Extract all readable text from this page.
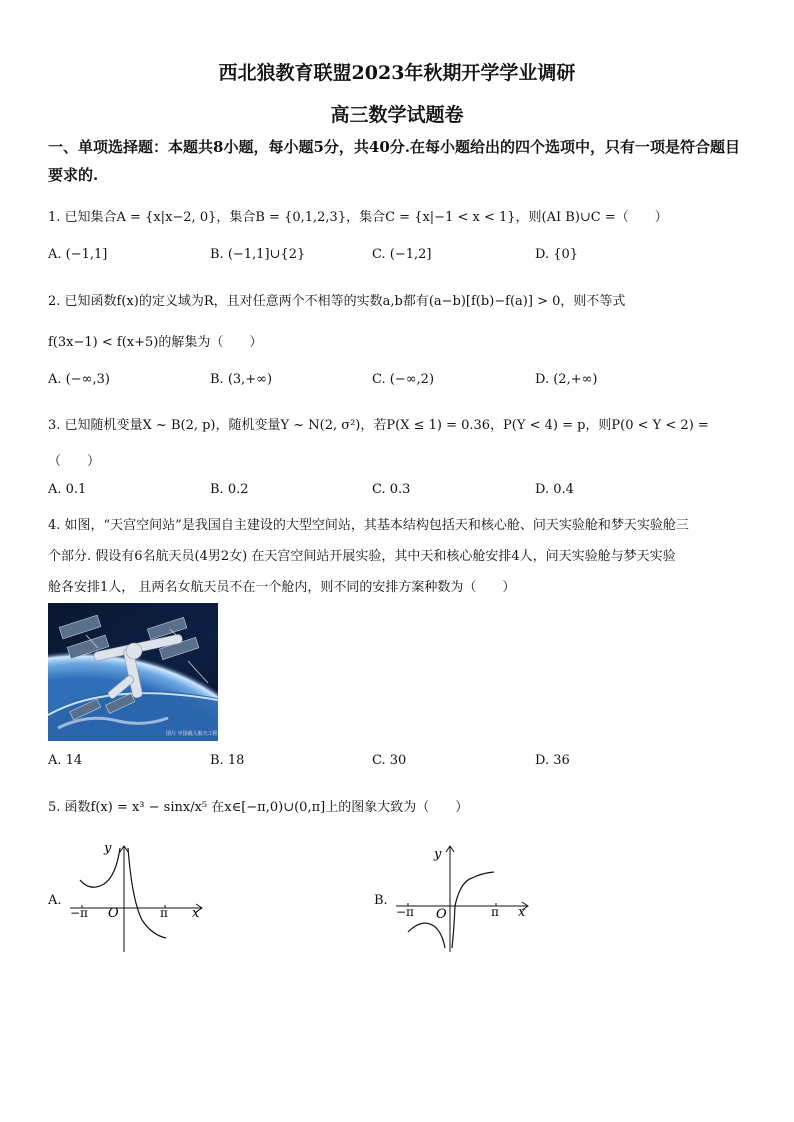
西北狼教育联盟2023年秋期开学学业调研
高三数学试题卷
一、单项选择题：本题共8小题，每小题5分，共40分.在每小题给出的四个选项中，只有一项是符合题目要求的.
1. 已知集合A = {x|x−2, 0}，集合B = {0,1,2,3}，集合C = {x|−1 < x < 1}，则(AI B)∪C =（　　）
A. (−1,1]	B. (−1,1]∪{2}	C. (−1,2]	D. {0}
2. 已知函数f(x)的定义域为R，且对任意两个不相等的实数a,b都有(a−b)[f(b)−f(a)] > 0，则不等式
f(3x−1) < f(x+5)的解集为（　　）
A. (−∞,3)	B. (3,+∞)	C. (−∞,2)	D. (2,+∞)
3. 已知随机变量X ~ B(2, p)，随机变量Y ~ N(2, σ²)，若P(X ≤ 1) = 0.36，P(Y < 4) = p，则P(0 < Y < 2) =
（　　）
A. 0.1	B. 0.2	C. 0.3	D. 0.4
4. 如图，“天宫空间站”是我国自主建设的大型空间站，其基本结构包括天和核心舱、问天实验舱和梦天实验舱三
个部分. 假设有6名航天员(4男2女) 在天宫空间站开展实验，其中天和核心舱安排4人，问天实验舱与梦天实验
舱各安排1人， 且两名女航天员不在一个舱内，则不同的安排方案种数为（　　）
图片 中国载人航天工程
A. 14	B. 18	C. 30	D. 36
5. 函数f(x) = x³ − sinx/x⁵ 在x∈[−π,0)∪(0,π]上的图象大致为（　　）
A.
y
x
O
−π	π
B.
y
x
O
−π	π
